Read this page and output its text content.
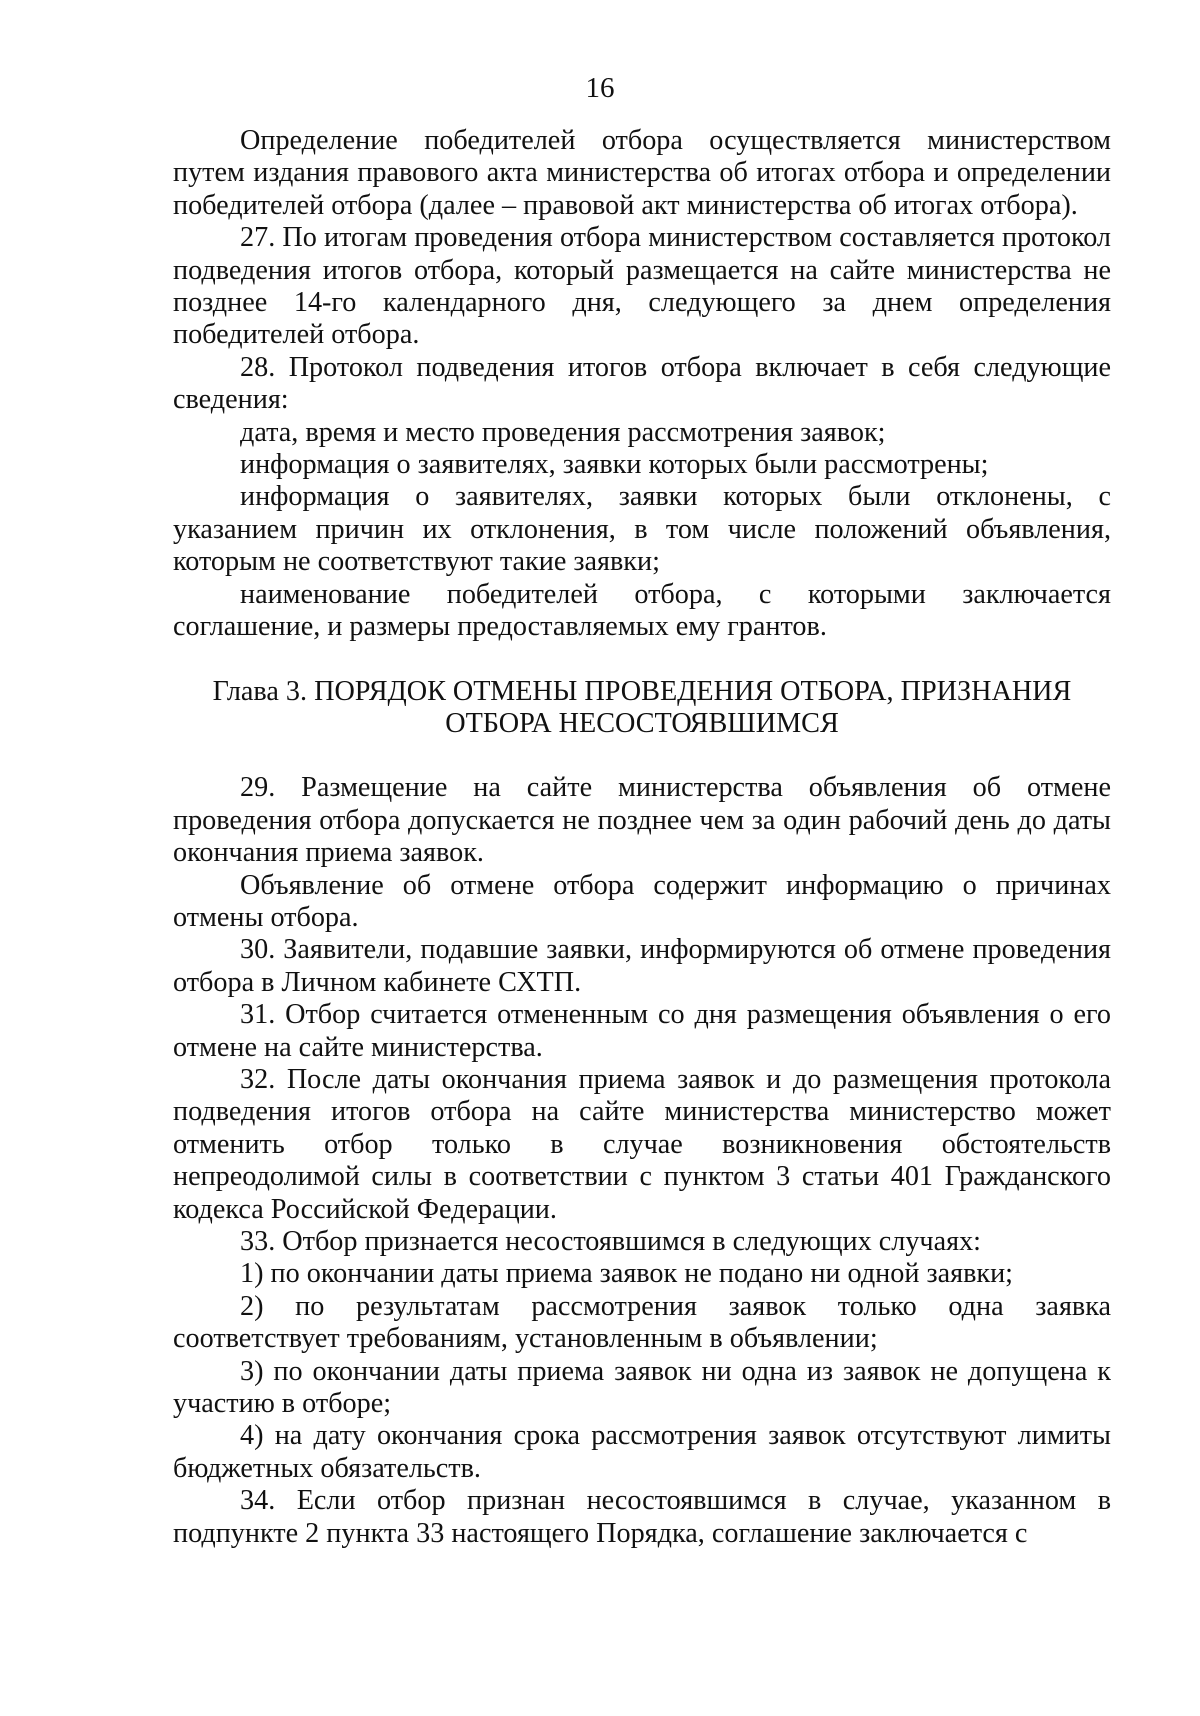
16

Определение победителей отбора осуществляется министерством путем издания правового акта министерства об итогах отбора и определении победителей отбора (далее – правовой акт министерства об итогах отбора).

27. По итогам проведения отбора министерством составляется протокол подведения итогов отбора, который размещается на сайте министерства не позднее 14-го календарного дня, следующего за днем определения победителей отбора.

28. Протокол подведения итогов отбора включает в себя следующие сведения:

дата, время и место проведения рассмотрения заявок;

информация о заявителях, заявки которых были рассмотрены;

информация о заявителях, заявки которых были отклонены, с указанием причин их отклонения, в том числе положений объявления, которым не соответствуют такие заявки;

наименование победителей отбора, с которыми заключается соглашение, и размеры предоставляемых ему грантов.

Глава 3. ПОРЯДОК ОТМЕНЫ ПРОВЕДЕНИЯ ОТБОРА, ПРИЗНАНИЯ
ОТБОРА НЕСОСТОЯВШИМСЯ

29. Размещение на сайте министерства объявления об отмене проведения отбора допускается не позднее чем за один рабочий день до даты окончания приема заявок.

Объявление об отмене отбора содержит информацию о причинах отмены отбора.

30. Заявители, подавшие заявки, информируются об отмене проведения отбора в Личном кабинете СХТП.

31. Отбор считается отмененным со дня размещения объявления о его отмене на сайте министерства.

32. После даты окончания приема заявок и до размещения протокола подведения итогов отбора на сайте министерства министерство может отменить отбор только в случае возникновения обстоятельств непреодолимой силы в соответствии с пунктом 3 статьи 401 Гражданского кодекса Российской Федерации.

33. Отбор признается несостоявшимся в следующих случаях:

1) по окончании даты приема заявок не подано ни одной заявки;

2) по результатам рассмотрения заявок только одна заявка соответствует требованиям, установленным в объявлении;

3) по окончании даты приема заявок ни одна из заявок не допущена к участию в отборе;

4) на дату окончания срока рассмотрения заявок отсутствуют лимиты бюджетных обязательств.

34. Если отбор признан несостоявшимся в случае, указанном в подпункте 2 пункта 33 настоящего Порядка, соглашение заключается с
